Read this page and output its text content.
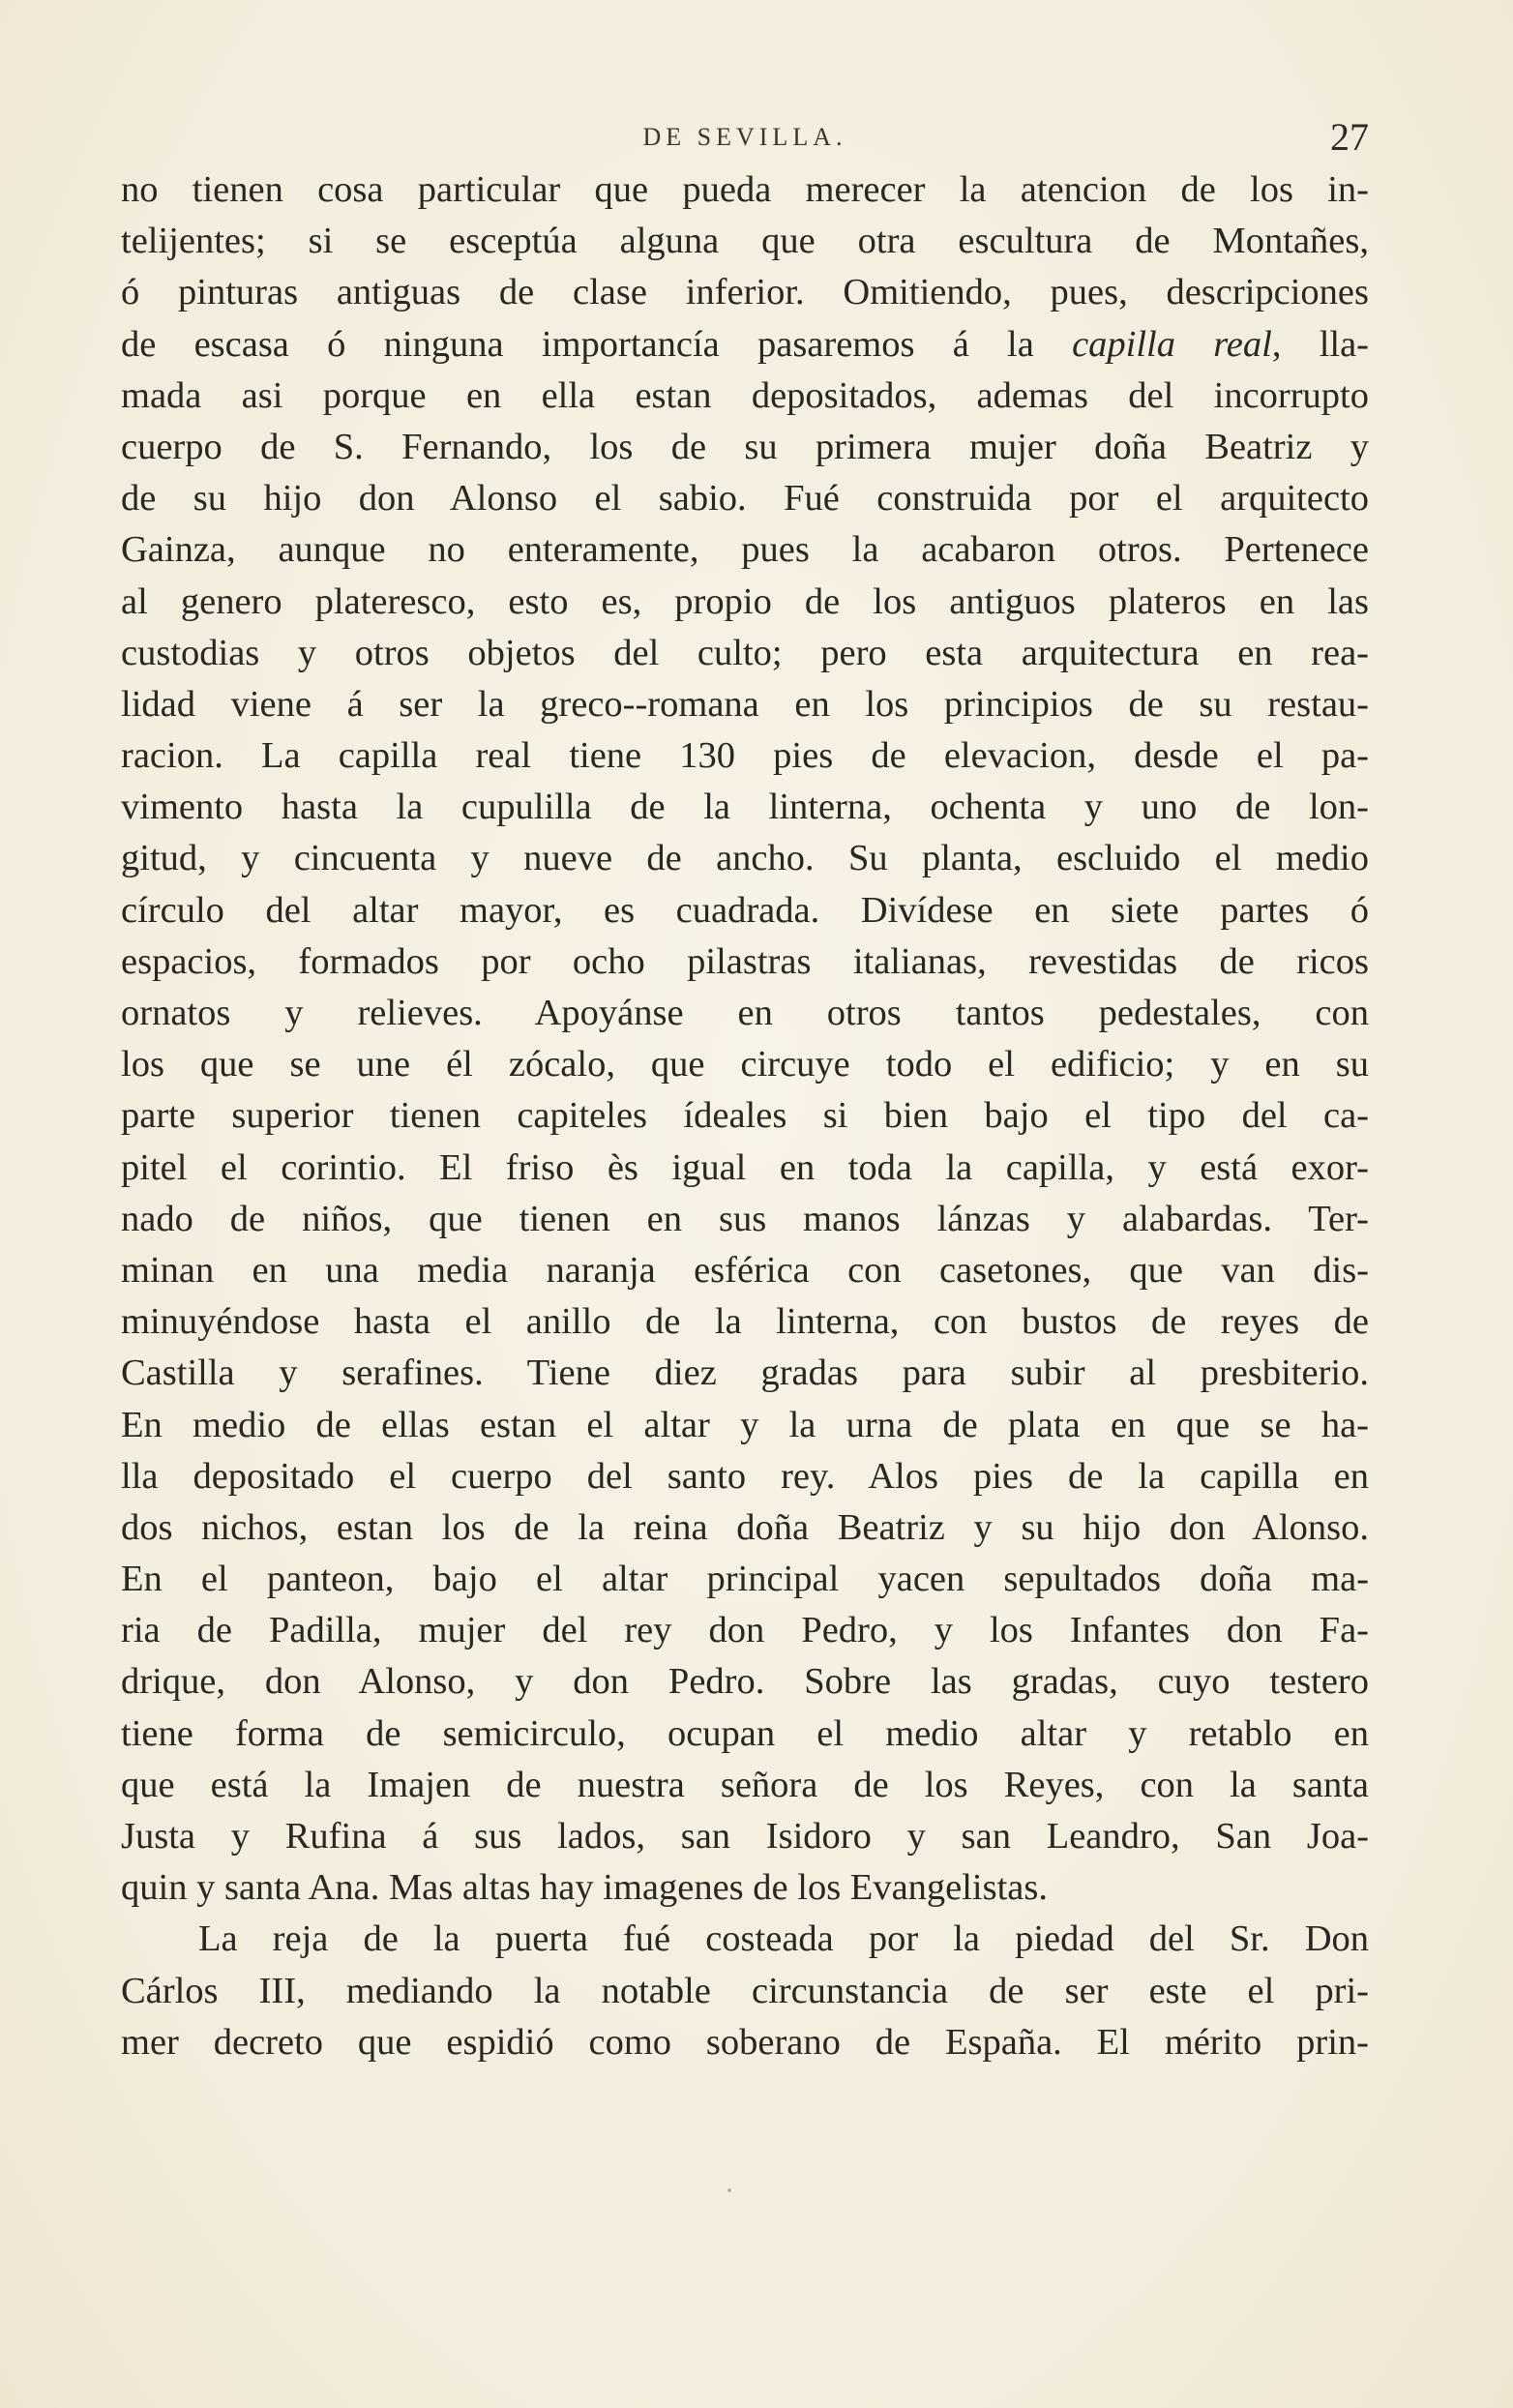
DE SEVILLA.	27
no tienen cosa particular que pueda merecer la atencion de los in-
telijentes; si se esceptúa alguna que otra escultura de Montañes,
ó pinturas antiguas de clase inferior. Omitiendo, pues, descripciones
de escasa ó ninguna importancía pasaremos á la capilla real, lla-
mada asi porque en ella estan depositados, ademas del incorrupto
cuerpo de S. Fernando, los de su primera mujer doña Beatriz y
de su hijo don Alonso el sabio. Fué construida por el arquitecto
Gainza, aunque no enteramente, pues la acabaron otros. Pertenece
al genero plateresco, esto es, propio de los antiguos plateros en las
custodias y otros objetos del culto; pero esta arquitectura en rea-
lidad viene á ser la greco--romana en los principios de su restau-
racion. La capilla real tiene 130 pies de elevacion, desde el pa-
vimento hasta la cupulilla de la linterna, ochenta y uno de lon-
gitud, y cincuenta y nueve de ancho. Su planta, escluido el medio
círculo del altar mayor, es cuadrada. Divídese en siete partes ó
espacios, formados por ocho pilastras italianas, revestidas de ricos
ornatos y relieves. Apoyánse en otros tantos pedestales, con
los que se une él zócalo, que circuye todo el edificio; y en su
parte superior tienen capiteles ídeales si bien bajo el tipo del ca-
pitel el corintio. El friso ès igual en toda la capilla, y está exor-
nado de niños, que tienen en sus manos lánzas y alabardas. Ter-
minan en una media naranja esférica con casetones, que van dis-
minuyéndose hasta el anillo de la linterna, con bustos de reyes de
Castilla y serafines. Tiene diez gradas para subir al presbiterio.
En medio de ellas estan el altar y la urna de plata en que se ha-
lla depositado el cuerpo del santo rey. Alos pies de la capilla en
dos nichos, estan los de la reina doña Beatriz y su hijo don Alonso.
En el panteon, bajo el altar principal yacen sepultados doña ma-
ria de Padilla, mujer del rey don Pedro, y los Infantes don Fa-
drique, don Alonso, y don Pedro. Sobre las gradas, cuyo testero
tiene forma de semicirculo, ocupan el medio altar y retablo en
que está la Imajen de nuestra señora de los Reyes, con la santa
Justa y Rufina á sus lados, san Isidoro y san Leandro, San Joa-
quin y santa Ana. Mas altas hay imagenes de los Evangelistas.
La reja de la puerta fué costeada por la piedad del Sr. Don
Cárlos III, mediando la notable circunstancia de ser este el pri-
mer decreto que espidió como soberano de España. El mérito prin-
